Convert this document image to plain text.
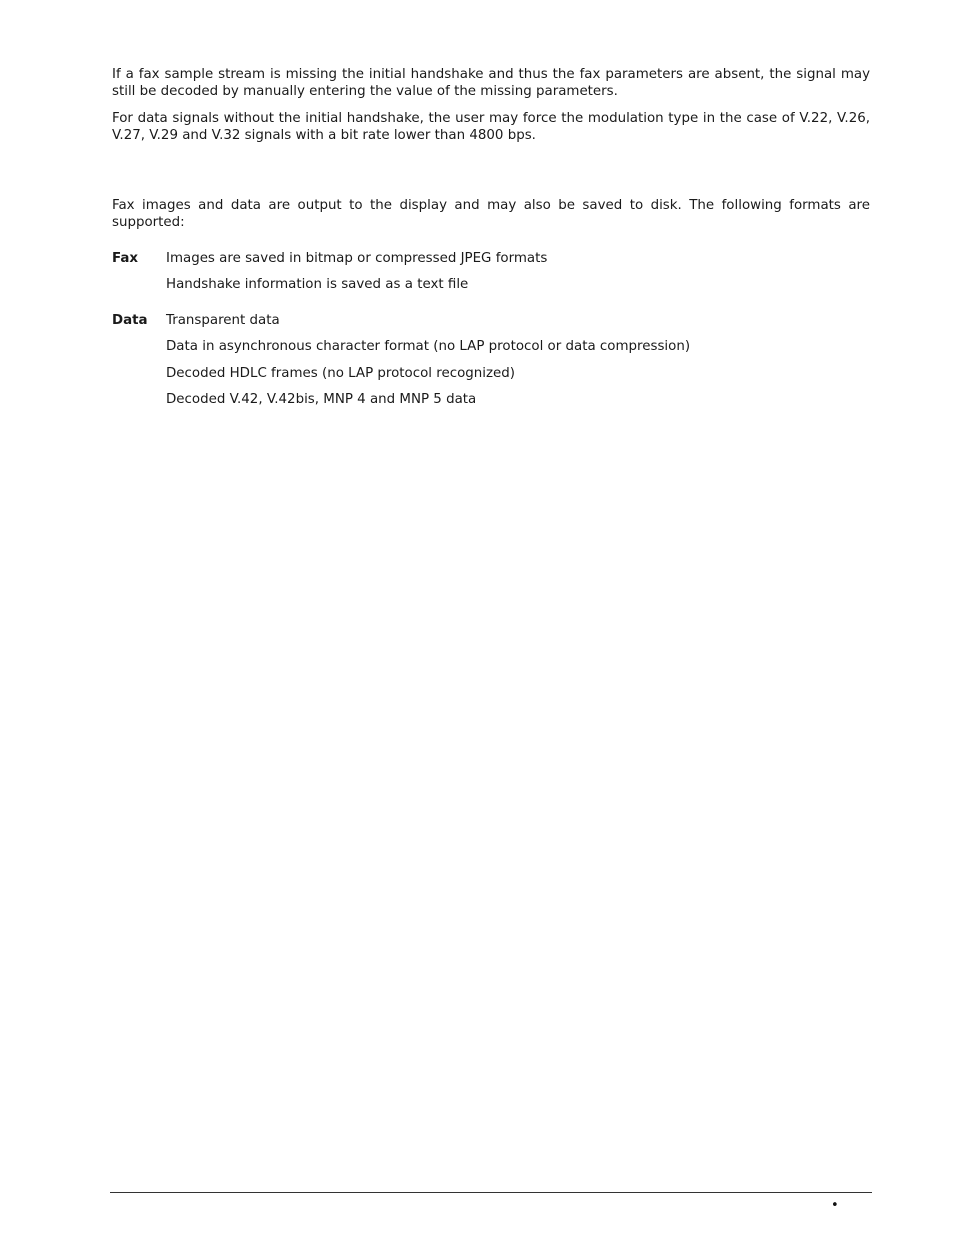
If a fax sample stream is missing the initial handshake and thus the fax parameters are absent, the signal may still be decoded by manually entering the value of the missing parameters.

For data signals without the initial handshake, the user may force the modulation type in the case of V.22, V.26, V.27, V.29 and V.32 signals with a bit rate lower than 4800 bps.

Fax images and data are output to the display and may also be saved to disk. The following formats are supported:

Fax Images are saved in bitmap or compressed JPEG formats
Handshake information is saved as a text file
Data Transparent data
Data in asynchronous character format (no LAP protocol or data compression)
Decoded HDLC frames (no LAP protocol recognized)
Decoded V.42, V.42bis, MNP 4 and MNP 5 data
•
